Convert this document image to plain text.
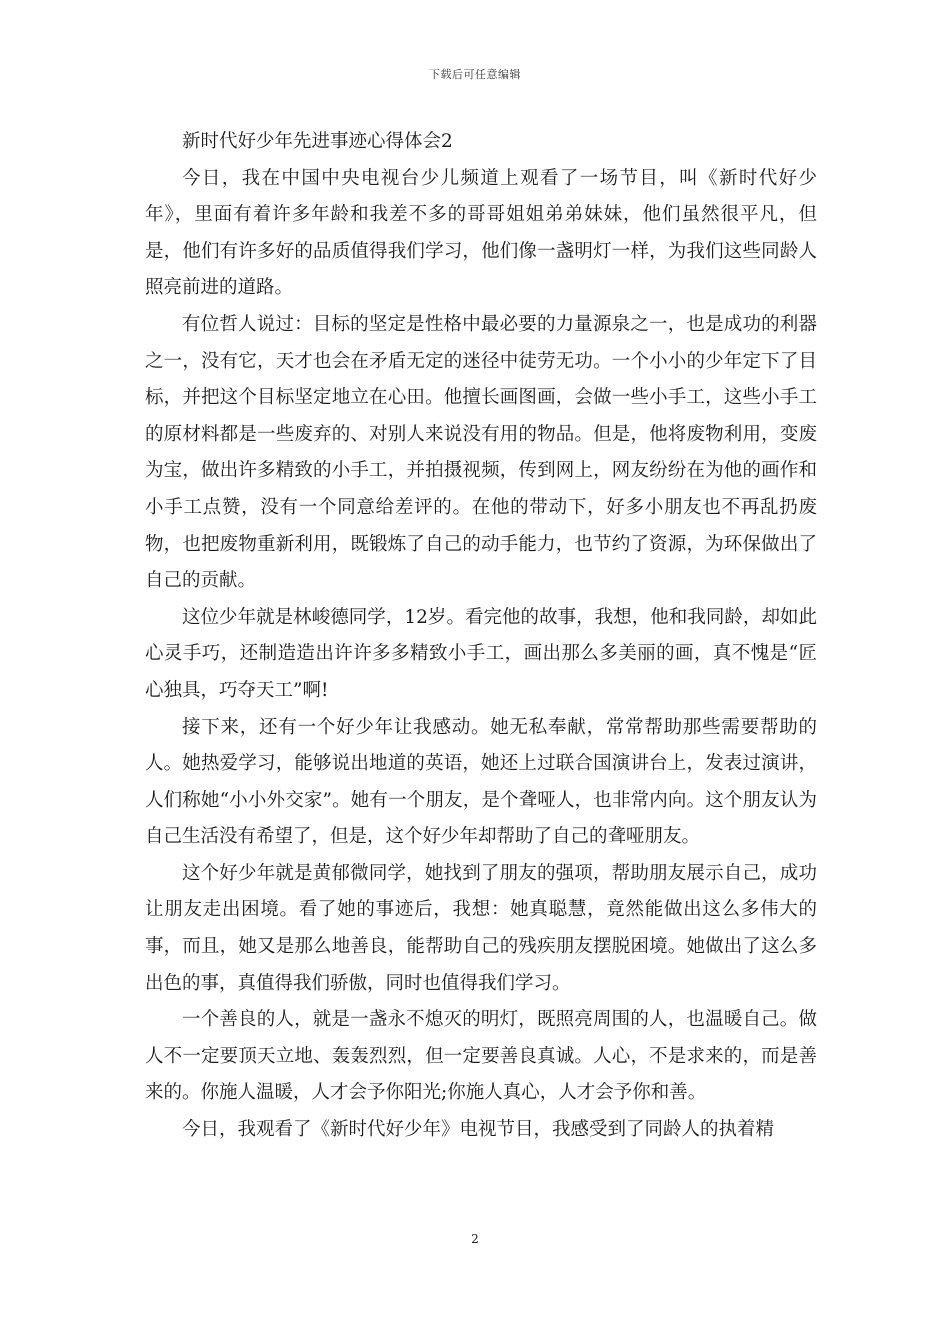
下载后可任意编辑
新时代好少年先进事迹心得体会2

今日，我在中国中央电视台少儿频道上观看了一场节目，叫《新时代好少年》，里面有着许多年龄和我差不多的哥哥姐姐弟弟妹妹，他们虽然很平凡，但是，他们有许多好的品质值得我们学习，他们像一盏明灯一样，为我们这些同龄人照亮前进的道路。

有位哲人说过：目标的坚定是性格中最必要的力量源泉之一，也是成功的利器之一，没有它，天才也会在矛盾无定的迷径中徒劳无功。一个小小的少年定下了目标，并把这个目标坚定地立在心田。他擅长画图画，会做一些小手工，这些小手工的原材料都是一些废弃的、对别人来说没有用的物品。但是，他将废物利用，变废为宝，做出许多精致的小手工，并拍摄视频，传到网上，网友纷纷在为他的画作和小手工点赞，没有一个同意给差评的。在他的带动下，好多小朋友也不再乱扔废物，也把废物重新利用，既锻炼了自己的动手能力，也节约了资源，为环保做出了自己的贡献。

这位少年就是林峻德同学，12岁。看完他的故事，我想，他和我同龄，却如此心灵手巧，还制造造出许许多多精致小手工，画出那么多美丽的画，真不愧是“匠心独具，巧夺天工”啊!

接下来，还有一个好少年让我感动。她无私奉献，常常帮助那些需要帮助的人。她热爱学习，能够说出地道的英语，她还上过联合国演讲台上，发表过演讲，人们称她“小小外交家”。她有一个朋友，是个聋哑人，也非常内向。这个朋友认为自己生活没有希望了，但是，这个好少年却帮助了自己的聋哑朋友。

这个好少年就是黄郁微同学，她找到了朋友的强项，帮助朋友展示自己，成功让朋友走出困境。看了她的事迹后，我想：她真聪慧，竟然能做出这么多伟大的事，而且，她又是那么地善良，能帮助自己的残疾朋友摆脱困境。她做出了这么多出色的事，真值得我们骄傲，同时也值得我们学习。

一个善良的人，就是一盏永不熄灭的明灯，既照亮周围的人，也温暖自己。做人不一定要顶天立地、轰轰烈烈，但一定要善良真诚。人心，不是求来的，而是善来的。你施人温暖，人才会予你阳光;你施人真心，人才会予你和善。

今日，我观看了《新时代好少年》电视节目，我感受到了同龄人的执着精

2
